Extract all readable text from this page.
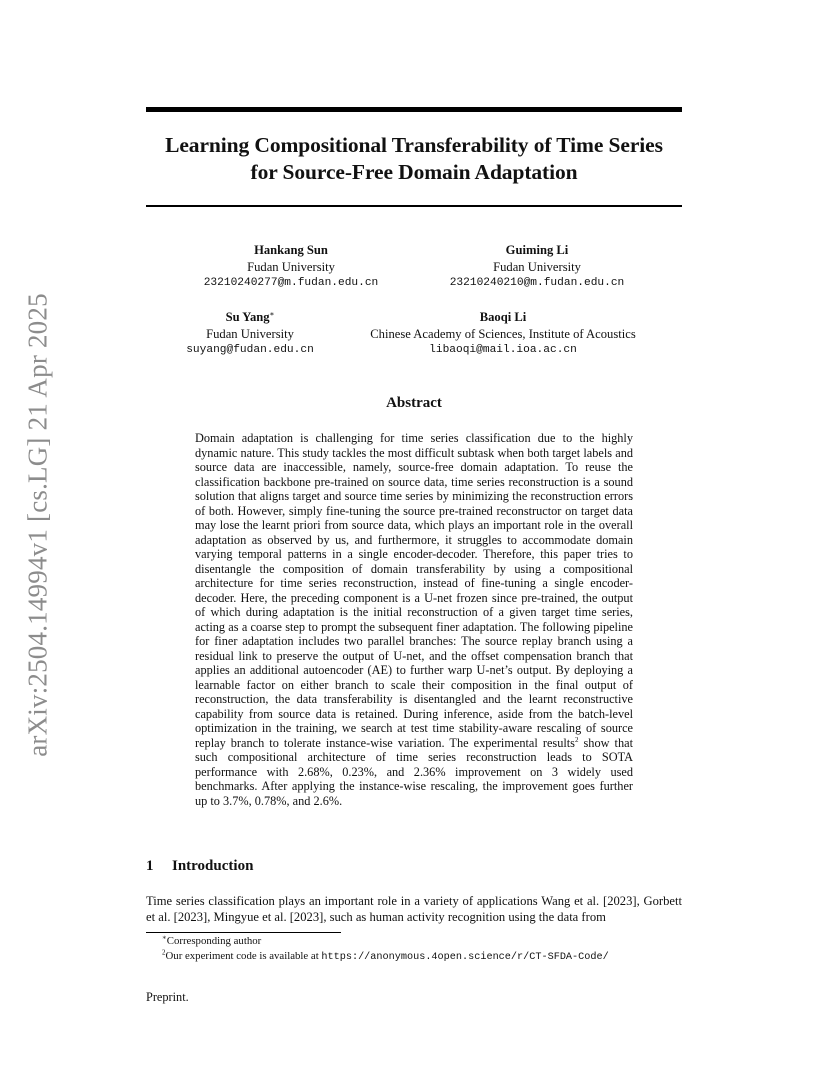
arXiv:2504.14994v1 [cs.LG] 21 Apr 2025
Learning Compositional Transferability of Time Series
for Source-Free Domain Adaptation
Hankang Sun
Fudan University
23210240277@m.fudan.edu.cn
Guiming Li
Fudan University
23210240210@m.fudan.edu.cn
Su Yang∗
Fudan University
suyang@fudan.edu.cn
Baoqi Li
Chinese Academy of Sciences, Institute of Acoustics
libaoqi@mail.ioa.ac.cn
Abstract
Domain adaptation is challenging for time series classification due to the highly dynamic nature. This study tackles the most difficult subtask when both target labels and source data are inaccessible, namely, source-free domain adaptation. To reuse the classification backbone pre-trained on source data, time series reconstruction is a sound solution that aligns target and source time series by minimizing the reconstruction errors of both. However, simply fine-tuning the source pre-trained reconstructor on target data may lose the learnt priori from source data, which plays an important role in the overall adaptation as observed by us, and furthermore, it struggles to accommodate domain varying temporal patterns in a single encoder-decoder. Therefore, this paper tries to disentangle the composition of domain transferability by using a compositional architecture for time series reconstruction, instead of fine-tuning a single encoder-decoder. Here, the preceding component is a U-net frozen since pre-trained, the output of which during adaptation is the initial reconstruction of a given target time series, acting as a coarse step to prompt the subsequent finer adaptation. The following pipeline for finer adaptation includes two parallel branches: The source replay branch using a residual link to preserve the output of U-net, and the offset compensation branch that applies an additional autoencoder (AE) to further warp U-net’s output. By deploying a learnable factor on either branch to scale their composition in the final output of reconstruction, the data transferability is disentangled and the learnt reconstructive capability from source data is retained. During inference, aside from the batch-level optimization in the training, we search at test time stability-aware rescaling of source replay branch to tolerate instance-wise variation. The experimental results$^2$ show that such compositional architecture of time series reconstruction leads to SOTA performance with 2.68%, 0.23%, and 2.36% improvement on 3 widely used benchmarks. After applying the instance-wise rescaling, the improvement goes further up to 3.7%, 0.78%, and 2.6%.
1 Introduction
Time series classification plays an important role in a variety of applications Wang et al. [2023], Gorbett et al. [2023], Mingyue et al. [2023], such as human activity recognition using the data from
∗Corresponding author
$^2$Our experiment code is available at https://anonymous.4open.science/r/CT-SFDA-Code/
Preprint.
